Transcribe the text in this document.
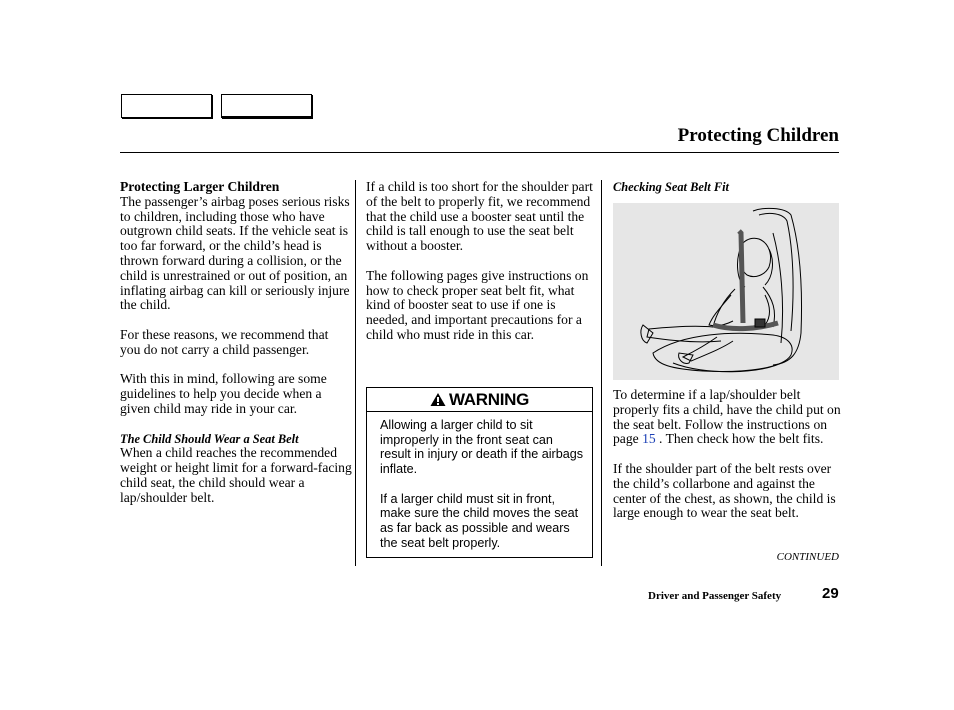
Protecting Children
Protecting Larger Children

The passenger’s airbag poses serious risks to children, including those who have outgrown child seats. If the vehicle seat is too far forward, or the child’s head is thrown forward during a collision, or the child is unrestrained or out of position, an inflating airbag can kill or seriously injure the child.

For these reasons, we recommend that you do not carry a child passenger.

With this in mind, following are some guidelines to help you decide when a given child may ride in your car.

The Child Should Wear a Seat Belt

When a child reaches the recommended weight or height limit for a forward-facing child seat, the child should wear a lap/shoulder belt.

If a child is too short for the shoulder part of the belt to properly fit, we recommend that the child use a booster seat until the child is tall enough to use the seat belt without a booster.

The following pages give instructions on how to check proper seat belt fit, what kind of booster seat to use if one is needed, and important precautions for a child who must ride in this car.

WARNING

Allowing a larger child to sit improperly in the front seat can result in injury or death if the airbags inflate.

If a larger child must sit in front, make sure the child moves the seat as far back as possible and wears the seat belt properly.

Checking Seat Belt Fit

To determine if a lap/shoulder belt properly fits a child, have the child put on the seat belt. Follow the instructions on page 15 . Then check how the belt fits.

If the shoulder part of the belt rests over the child’s collarbone and against the center of the chest, as shown, the child is large enough to wear the seat belt.

CONTINUED
Driver and Passenger Safety	29
